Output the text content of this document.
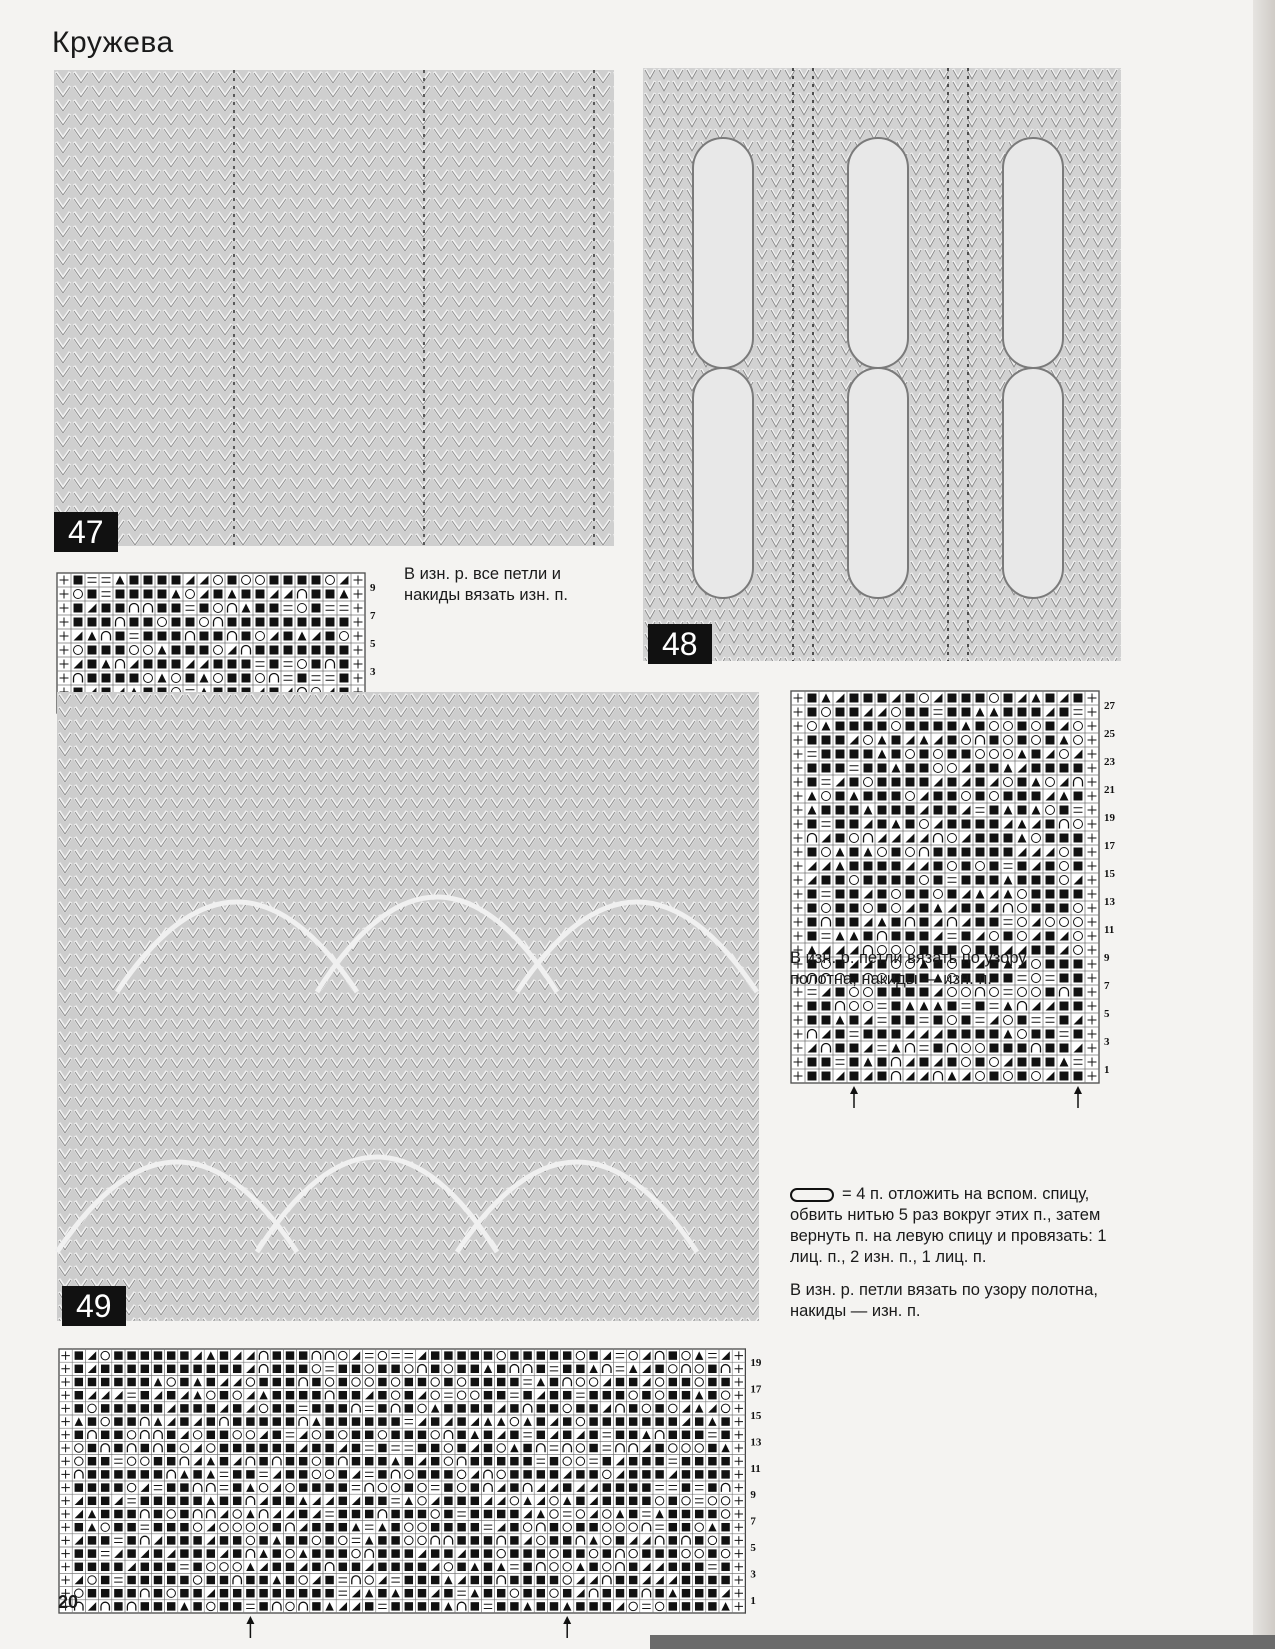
Кружева
47
9
7
5
3
В изн. р. все петли и накиды вязать изн. п.
48
27
25
23
21
19
17
15
13
11
9
7
5
3
1
В изн. р. петли вязать по узору полотна, накиды — изн. п.
49

= 4 п. отложить на вспом. спицу, обвить нитью 5 раз вокруг этих п., затем вернуть п. на левую спицу и провязать: 1 лиц. п., 2 изн. п., 1 лиц. п.

В изн. р. петли вязать по узору полотна, накиды — изн. п.

19
17
15
13
11
9
7
5
3
1
20
